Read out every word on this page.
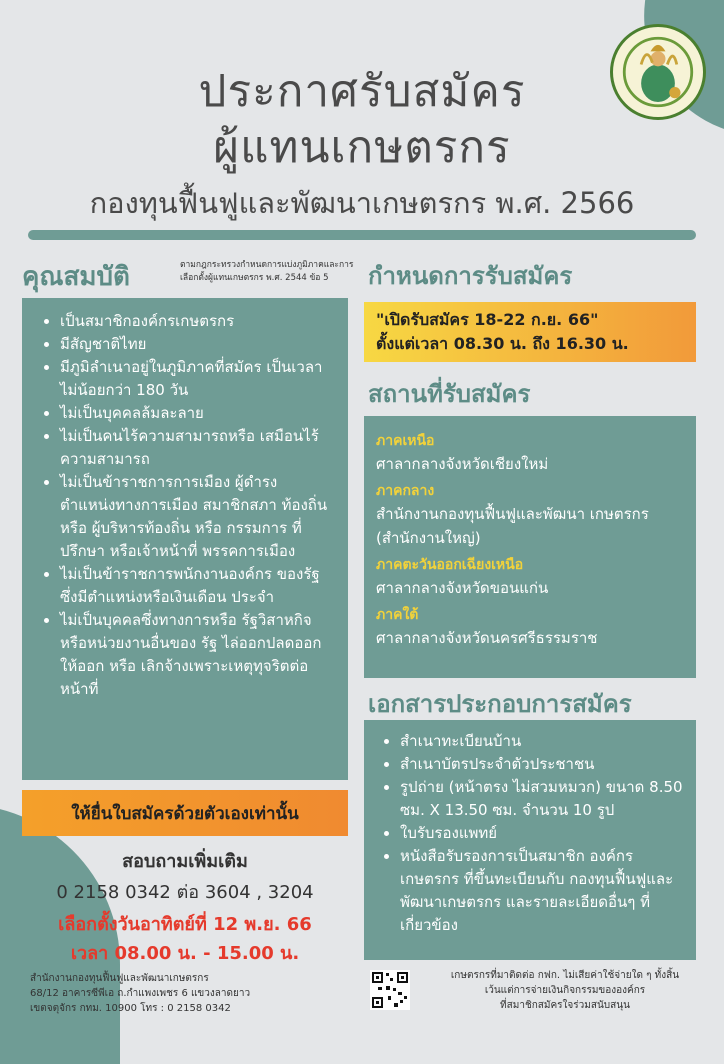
ประกาศรับสมัคร
ผู้แทนเกษตรกร
กองทุนฟื้นฟูและพัฒนาเกษตรกร พ.ศ. 2566
คุณสมบัติ	ตามกฎกระทรวงกำหนดการแบ่งภูมิภาคและการเลือกตั้งผู้แทนเกษตรกร พ.ศ. 2544 ข้อ 5
• เป็นสมาชิกองค์กรเกษตรกร
• มีสัญชาติไทย
• มีภูมิลำเนาอยู่ในภูมิภาคที่สมัคร เป็นเวลาไม่น้อยกว่า 180 วัน
• ไม่เป็นบุคคลล้มละลาย
• ไม่เป็นคนไร้ความสามารถหรือ เสมือนไร้ความสามารถ
• ไม่เป็นข้าราชการการเมือง ผู้ดำรง ตำแหน่งทางการเมือง สมาชิกสภา ท้องถิ่น หรือ ผู้บริหารท้องถิ่น หรือ กรรมการ ที่ปรึกษา หรือเจ้าหน้าที่ พรรคการเมือง
• ไม่เป็นข้าราชการพนักงานองค์กร ของรัฐซึ่งมีตำแหน่งหรือเงินเดือน ประจำ
• ไม่เป็นบุคคลซึ่งทางการหรือ รัฐวิสาหกิจหรือหน่วยงานอื่นของ รัฐ ไล่ออกปลดออก ให้ออก หรือ เลิกจ้างเพราะเหตุทุจริตต่อหน้าที่
ให้ยื่นใบสมัครด้วยตัวเองเท่านั้น
สอบถามเพิ่มเติม
0 2158 0342 ต่อ 3604 , 3204
เลือกตั้งวันอาทิตย์ที่ 12 พ.ย. 66
เวลา 08.00 น. - 15.00 น.
สำนักงานกองทุนฟื้นฟูและพัฒนาเกษตรกร
68/12 อาคารซีพีเอ ถ.กำแพงเพชร 6 แขวงลาดยาว
เขตจตุจักร กทม. 10900 โทร : 0 2158 0342
กำหนดการรับสมัคร
"เปิดรับสมัคร 18-22 ก.ย. 66"
ตั้งแต่เวลา 08.30 น. ถึง 16.30 น.
สถานที่รับสมัคร
ภาคเหนือ
ศาลากลางจังหวัดเชียงใหม่
ภาคกลาง
สำนักงานกองทุนฟื้นฟูและพัฒนา เกษตรกร (สำนักงานใหญ่)
ภาคตะวันออกเฉียงเหนือ
ศาลากลางจังหวัดขอนแก่น
ภาคใต้
ศาลากลางจังหวัดนครศรีธรรมราช
เอกสารประกอบการสมัคร
• สำเนาทะเบียนบ้าน
• สำเนาบัตรประจำตัวประชาชน
• รูปถ่าย (หน้าตรง ไม่สวมหมวก) ขนาด 8.50 ซม. X 13.50 ซม. จำนวน 10 รูป
• ใบรับรองแพทย์
• หนังสือรับรองการเป็นสมาชิก องค์กรเกษตรกร ที่ขึ้นทะเบียนกับ กองทุนฟื้นฟูและพัฒนาเกษตรกร และรายละเอียดอื่นๆ ที่เกี่ยวข้อง
เกษตรกรที่มาติดต่อ กฟก. ไม่เสียค่าใช้จ่ายใด ๆ ทั้งสิ้น
เว้นแต่การจ่ายเงินกิจกรรมขององค์กร
ที่สมาชิกสมัครใจร่วมสนับสนุน
